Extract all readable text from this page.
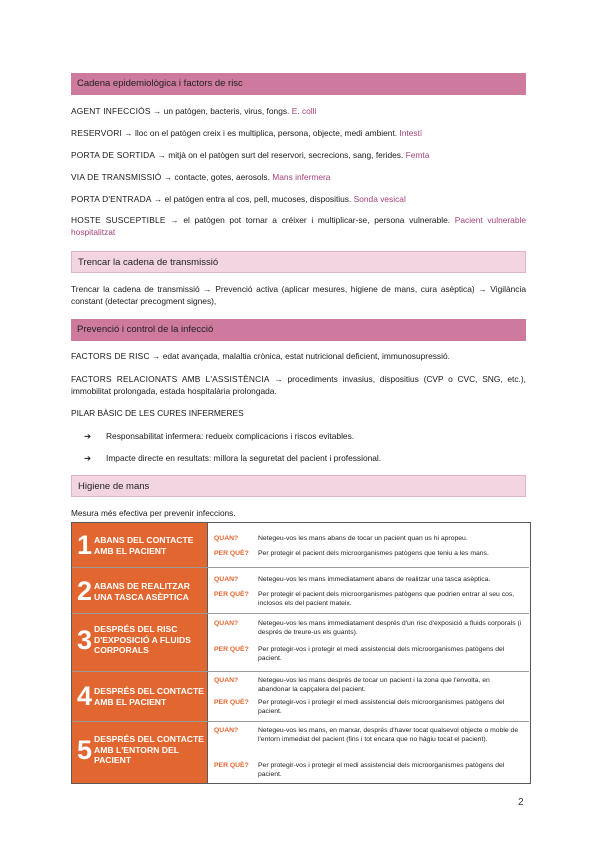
Cadena epidemiològica i factors de risc
AGENT INFECCIÓS → un patògen, bacteris, virus, fongs. E. colli
RESERVORI → lloc on el patògen creix i es multiplica, persona, objecte, medi ambient. Intestí
PORTA DE SORTIDA → mitjà on el patògen surt del reservori, secrecions, sang, ferides. Femta
VIA DE TRANSMISSIÓ → contacte, gotes, aerosols. Mans infermera
PORTA D'ENTRADA → el patògen entra al cos, pell, mucoses, dispositius. Sonda vesical
HOSTE SUSCEPTIBLE → el patògen pot tornar a créixer i multiplicar-se, persona vulnerable. Pacient vulnerable hospitalitzat
Trencar la cadena de transmissió
Trencar la cadena de transmissió → Prevenció activa (aplicar mesures, higiene de mans, cura asèptica) → Vigilància constant (detectar precogment signes),
Prevenció i control de la infecció
FACTORS DE RISC → edat avançada, malaltia crònica, estat nutricional deficient, immunosupressió.
FACTORS RELACIONATS AMB L'ASSISTÈNCIA → procediments invasius, dispositius (CVP o CVC, SNG, etc.), immobilitat prolongada, estada hospitalària prolongada.
PILAR BÀSIC DE LES CURES INFERMERES
➔ Responsabilitat infermera: redueix complicacions i riscos evitables.
➔ Impacte directe en resultats: millora la seguretat del pacient i professional.
Higiene de mans
Mesura més efectiva per prevenir infeccions.
1 ABANS DEL CONTACTE AMB EL PACIENT
QUAN?	Netegeu-vos les mans abans de tocar un pacient quan us hi apropeu.
PER QUÈ? Per protegir el pacient dels microorganismes patògens que teniu a les mans.
2 ABANS DE REALITZAR UNA TASCA ASÈPTICA
QUAN?	Netegeu-vos les mans immediatament abans de realitzar una tasca asèptica.
PER QUÈ? Per protegir el pacient dels microorganismes patògens que podrien entrar al seu cos, inclosos els del pacient mateix.
3 DESPRÉS DEL RISC D'EXPOSICIÓ A FLUIDS CORPORALS
QUAN?	Netegeu-vos les mans immediatament després d'un risc d'exposició a fluids corporals (i després de treure-us els guants).
PER QUÈ? Per protegir-vos i protegir el medi assistencial dels microorganismes patògens del pacient.
4 DESPRÉS DEL CONTACTE AMB EL PACIENT
QUAN?	Netegeu-vos les mans després de tocar un pacient i la zona que l'envolta, en abandonar la capçalera del pacient.
PER QUÈ? Per protegir-vos i protegir el medi assistencial dels microorganismes patògens del pacient.
5 DESPRÉS DEL CONTACTE AMB L'ENTORN DEL PACIENT
QUAN?	Netegeu-vos les mans, en marxar, després d'haver tocat qualsevol objecte o moble de l'entorn immediat del pacient (fins i tot encara que no hàgiu tocat el pacient).
PER QUÈ? Per protegir-vos i protegir el medi assistencial dels microorganismes patògens del pacient.
2
